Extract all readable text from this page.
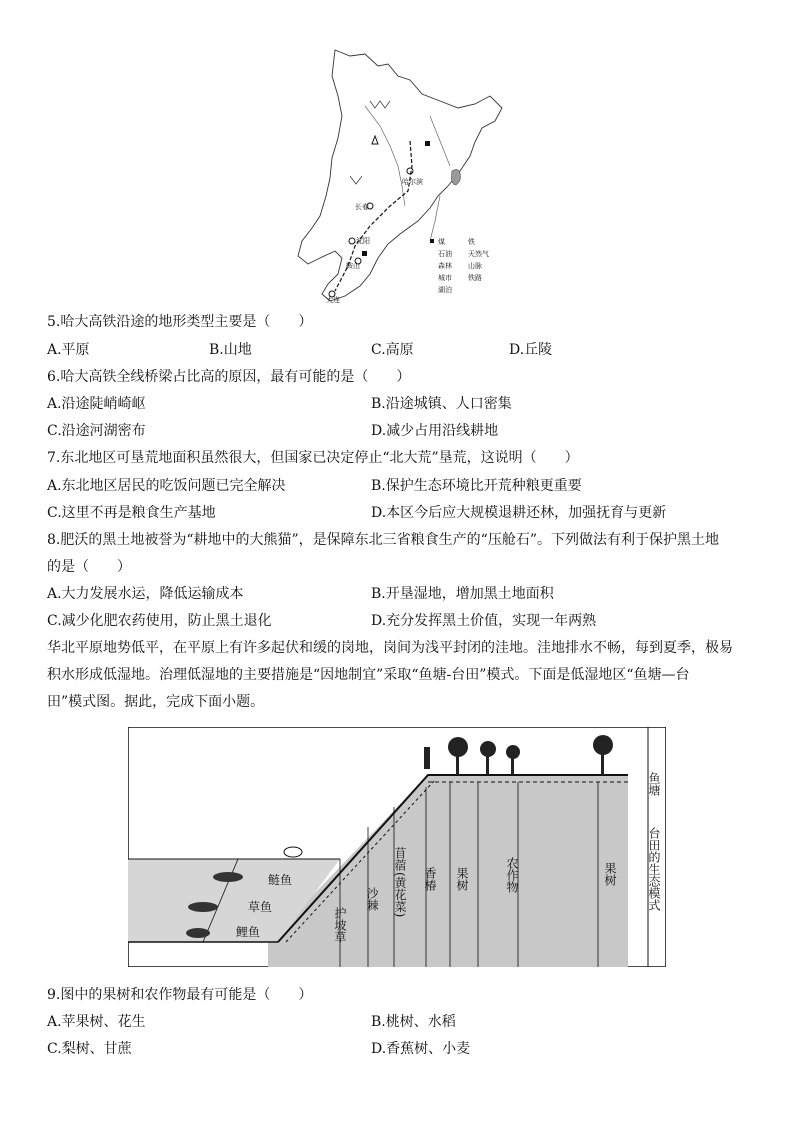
哈尔滨
长春
沈阳
鞍山
大连
煤	铁
石油 天然气
森林 山脉
城市 铁路
湖泊
5.哈大高铁沿途的地形类型主要是（　　）
A.平原	B.山地	C.高原	D.丘陵
6.哈大高铁全线桥梁占比高的原因，最有可能的是（　　）
A.沿途陡峭崎岖	B.沿途城镇、人口密集
C.沿途河湖密布	D.减少占用沿线耕地
7.东北地区可垦荒地面积虽然很大，但国家已决定停止“北大荒”垦荒，这说明（　　）
A.东北地区居民的吃饭问题已完全解决	B.保护生态环境比开荒种粮更重要
C.这里不再是粮食生产基地	D.本区今后应大规模退耕还林，加强抚育与更新
8.肥沃的黑土地被誉为“耕地中的大熊猫”，是保障东北三省粮食生产的“压舱石”。下列做法有利于保护黑土地
的是（　　）
A.大力发展水运，降低运输成本	B.开垦湿地，增加黑土地面积
C.减少化肥农药使用，防止黑土退化	D.充分发挥黑土价值，实现一年两熟
华北平原地势低平，在平原上有许多起伏和缓的岗地，岗间为浅平封闭的洼地。洼地排水不畅，每到夏季，极易
积水形成低湿地。治理低湿地的主要措施是“因地制宜”采取“鱼塘-台田”模式。下面是低湿地区“鱼塘—台
田”模式图。据此，完成下面小题。
鲢鱼
草鱼
鲤鱼	护坡草
沙棘
苜蓿
(黄花菜) 香椿 果树	农作物	果树
鱼塘
台田的生态模式
9.图中的果树和农作物最有可能是（　　）
A.苹果树、花生	B.桃树、水稻
C.梨树、甘蔗	D.香蕉树、小麦
